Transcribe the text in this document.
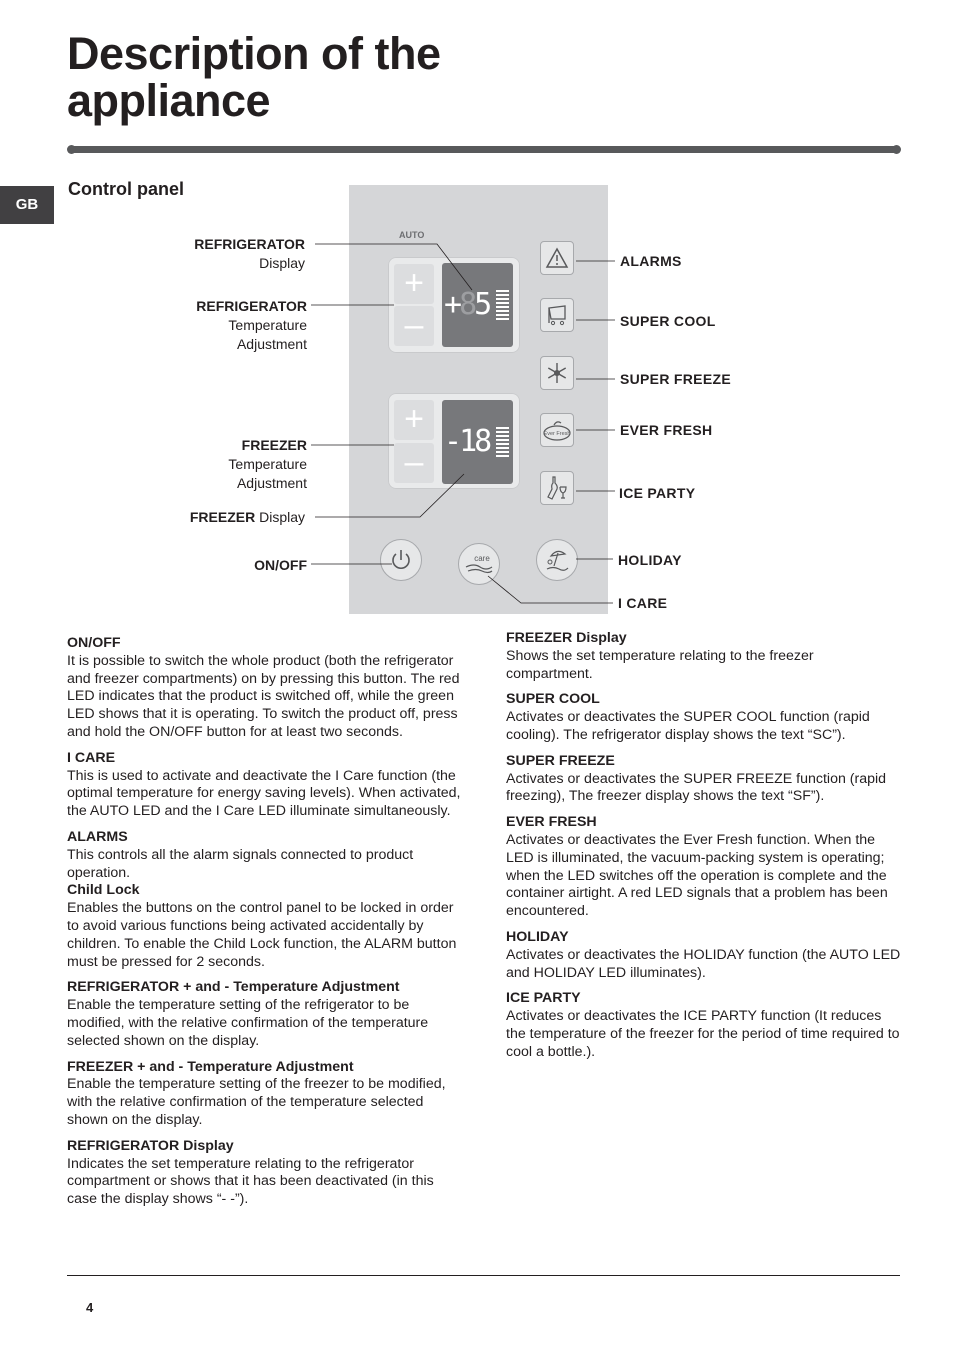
Description of the
appliance
GB
Control panel
AUTO
+
–
+85
+
–
-18	Ever Fresh
care
REFRIGERATOR
Display
REFRIGERATOR
Temperature
Adjustment
FREEZER
Temperature
Adjustment
FREEZER Display
ON/OFF
ALARMS
SUPER COOL
SUPER FREEZE
EVER FRESH
ICE PARTY
HOLIDAY
I CARE
ON/OFF

It is possible to switch the whole product (both the refrigerator and freezer compartments) on by pressing this button. The red LED indicates that the product is switched off, while the green LED shows that it is operating. To switch the product off, press and hold the ON/OFF button for at least two seconds.

I CARE

This is used to activate and deactivate the I Care function (the optimal temperature for energy saving levels). When activated, the AUTO LED and the I Care LED illuminate simultaneously.

ALARMS

This controls all the alarm signals connected to product operation.

Child Lock

Enables the buttons on the control panel to be locked in order to avoid various functions being activated accidentally by children. To enable the Child Lock function, the ALARM button must be pressed for 2 seconds.

REFRIGERATOR + and - Temperature Adjustment

Enable the temperature setting of the refrigerator to be modified, with the relative confirmation of the temperature selected shown on the display.

FREEZER + and - Temperature Adjustment

Enable the temperature setting of the freezer to be modified, with the relative confirmation of the temperature selected shown on the display.

REFRIGERATOR Display

Indicates the set temperature relating to the refrigerator compartment or shows that it has been deactivated (in this case the display shows “- -”).

FREEZER Display

Shows the set temperature relating to the freezer compartment.

SUPER COOL

Activates or deactivates the SUPER COOL function (rapid cooling). The refrigerator display shows the text “SC”).

SUPER FREEZE

Activates or deactivates the SUPER FREEZE function (rapid freezing), The freezer display shows the text “SF”).

EVER FRESH

Activates or deactivates the Ever Fresh function. When the LED is illuminated, the vacuum-packing system is operating; when the LED switches off the operation is complete and the container airtight. A red LED signals that a problem has been encountered.

HOLIDAY

Activates or deactivates the HOLIDAY function (the AUTO LED and HOLIDAY LED illuminates).

ICE PARTY

Activates or deactivates the ICE PARTY function (It reduces the temperature of the freezer for the period of time required to cool a bottle.).

4
